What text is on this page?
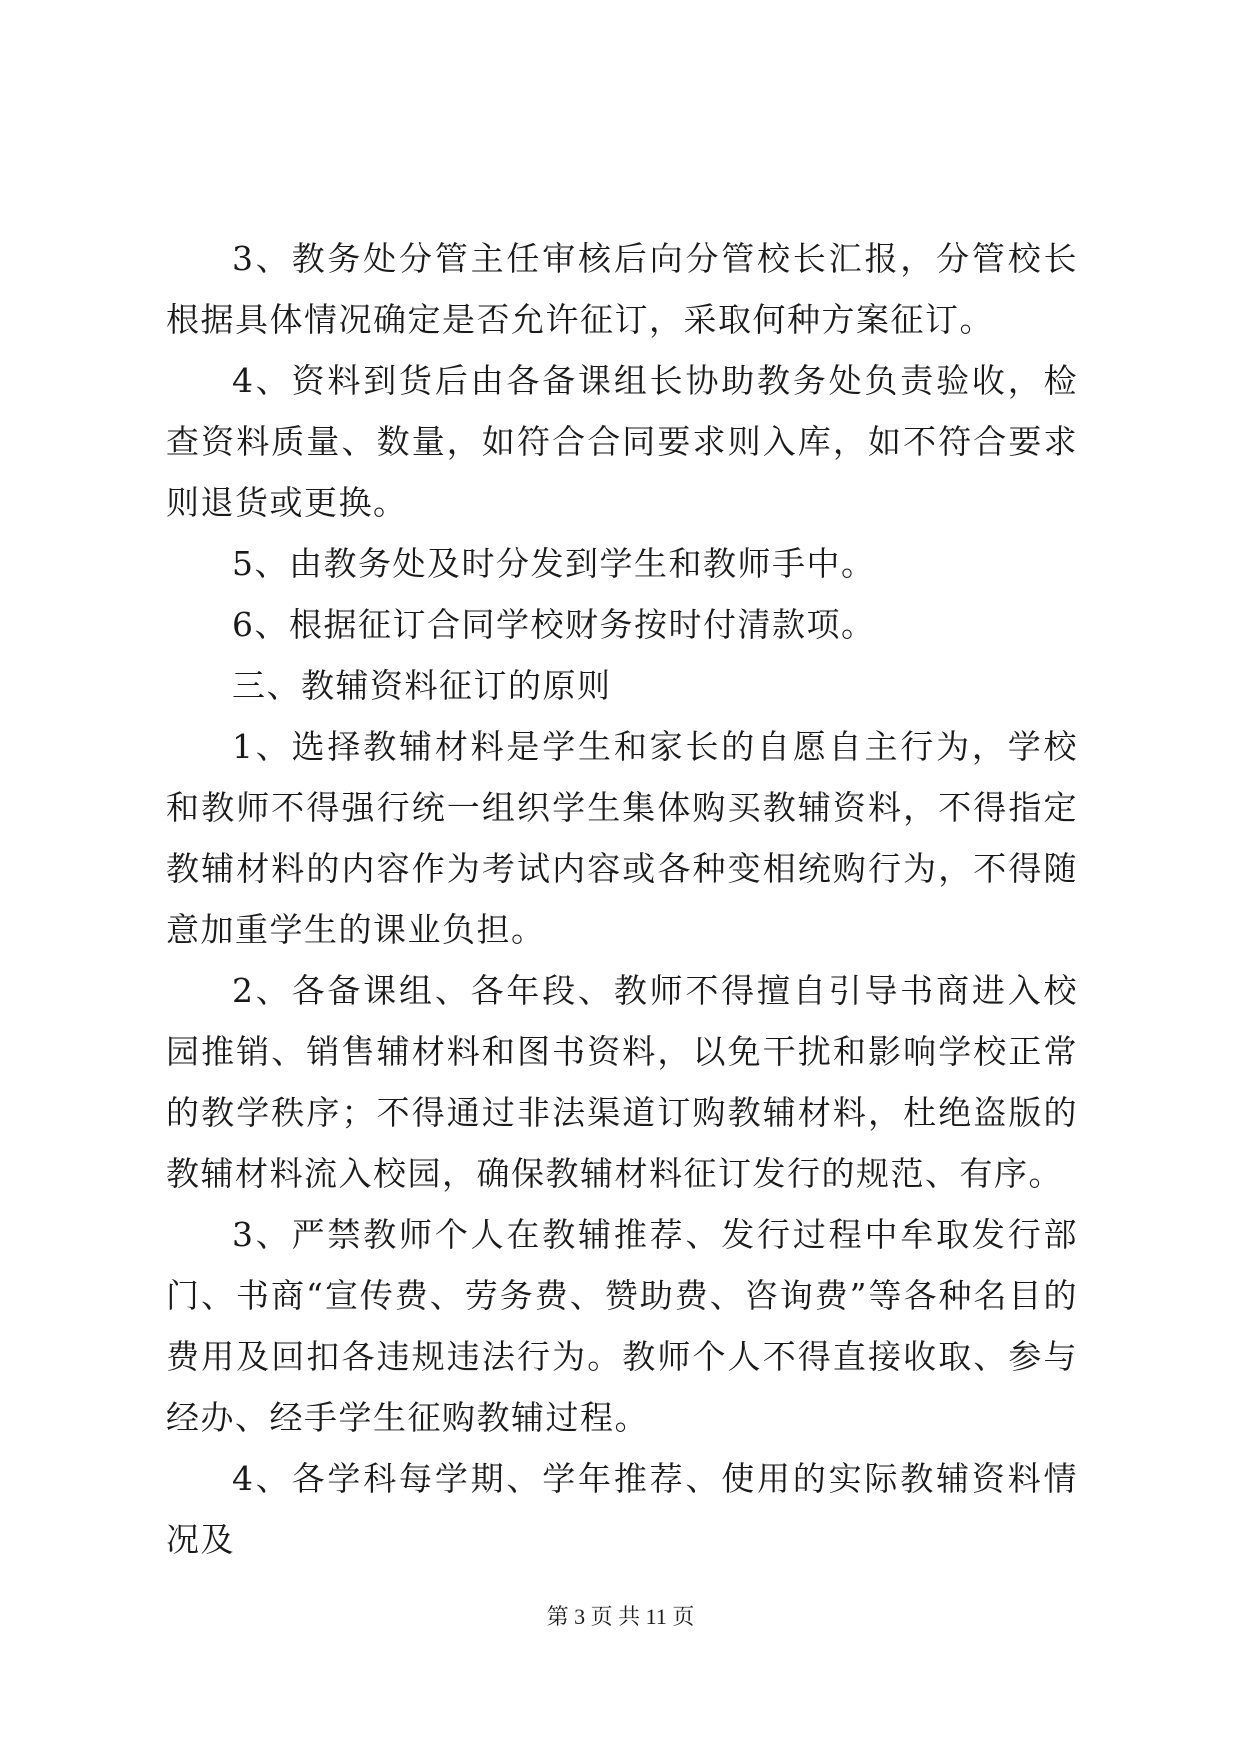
3、教务处分管主任审核后向分管校长汇报，分管校长根据具体情况确定是否允许征订，采取何种方案征订。

4、资料到货后由各备课组长协助教务处负责验收，检查资料质量、数量，如符合合同要求则入库，如不符合要求则退货或更换。

5、由教务处及时分发到学生和教师手中。

6、根据征订合同学校财务按时付清款项。

三、教辅资料征订的原则

1、选择教辅材料是学生和家长的自愿自主行为，学校和教师不得强行统一组织学生集体购买教辅资料，不得指定教辅材料的内容作为考试内容或各种变相统购行为，不得随意加重学生的课业负担。

2、各备课组、各年段、教师不得擅自引导书商进入校园推销、销售辅材料和图书资料，以免干扰和影响学校正常的教学秩序；不得通过非法渠道订购教辅材料，杜绝盗版的教辅材料流入校园，确保教辅材料征订发行的规范、有序。

3、严禁教师个人在教辅推荐、发行过程中牟取发行部门、书商“宣传费、劳务费、赞助费、咨询费”等各种名目的费用及回扣各违规违法行为。教师个人不得直接收取、参与经办、经手学生征购教辅过程。

4、各学科每学期、学年推荐、使用的实际教辅资料情况及

第 3 页 共 11 页
